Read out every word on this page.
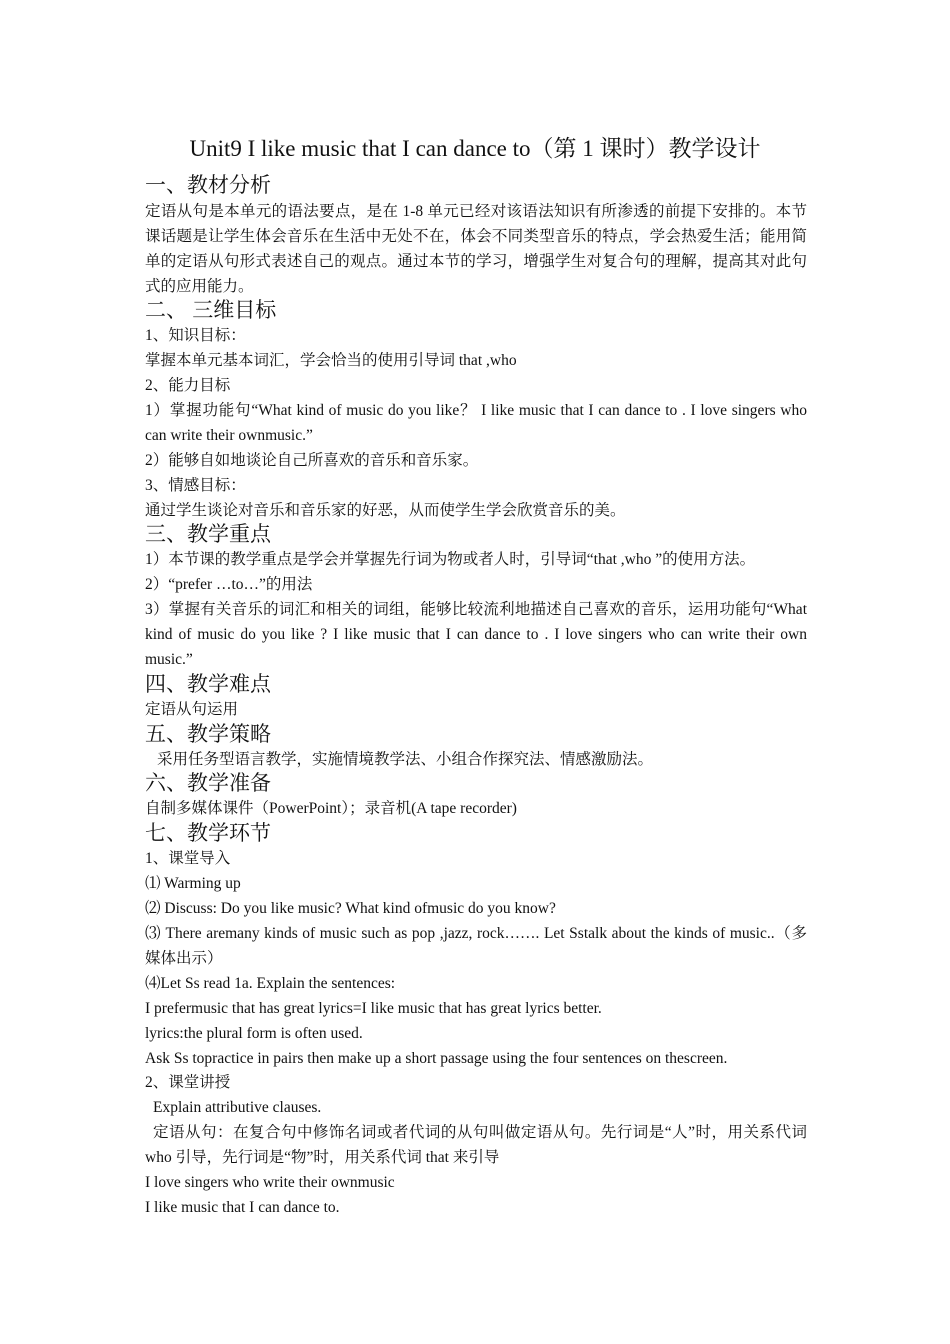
Unit9 I like music that I can dance to（第 1 课时）教学设计
一、教材分析

定语从句是本单元的语法要点，是在 1-8 单元已经对该语法知识有所渗透的前提下安排的。本节课话题是让学生体会音乐在生活中无处不在，体会不同类型音乐的特点，学会热爱生活；能用简单的定语从句形式表述自己的观点。通过本节的学习，增强学生对复合句的理解，提高其对此句式的应用能力。

二、 三维目标

1、知识目标：

掌握本单元基本词汇，学会恰当的使用引导词 that ,who

2、能力目标

1）掌握功能句“What kind of music do you like？ I like music that I can dance to . I love singers who can write their ownmusic.”

2）能够自如地谈论自己所喜欢的音乐和音乐家。

3、情感目标：

通过学生谈论对音乐和音乐家的好恶，从而使学生学会欣赏音乐的美。

三、教学重点

1）本节课的教学重点是学会并掌握先行词为物或者人时，引导词“that ,who ”的使用方法。

2）“prefer …to…”的用法

3）掌握有关音乐的词汇和相关的词组，能够比较流利地描述自己喜欢的音乐，运用功能句“What kind of music do you like ? I like music that I can dance to . I love singers who can write their own music.”

四、教学难点

定语从句运用

五、教学策略

采用任务型语言教学，实施情境教学法、小组合作探究法、情感激励法。

六、教学准备

自制多媒体课件（PowerPoint）；录音机(A tape recorder)

七、教学环节

1、课堂导入

⑴ Warming up

⑵ Discuss: Do you like music? What kind ofmusic do you know?

⑶ There aremany kinds of music such as pop ,jazz, rock……. Let Sstalk about the kinds of music..（多媒体出示）

⑷Let Ss read 1a. Explain the sentences:

I prefermusic that has great lyrics=I like music that has great lyrics better.

lyrics:the plural form is often used.

Ask Ss topractice in pairs then make up a short passage using the four sentences on thescreen.

2、课堂讲授

Explain attributive clauses.

定语从句：在复合句中修饰名词或者代词的从句叫做定语从句。先行词是“人”时，用关系代词 who 引导，先行词是“物”时，用关系代词 that 来引导

I love singers who write their ownmusic

I like music that I can dance to.
